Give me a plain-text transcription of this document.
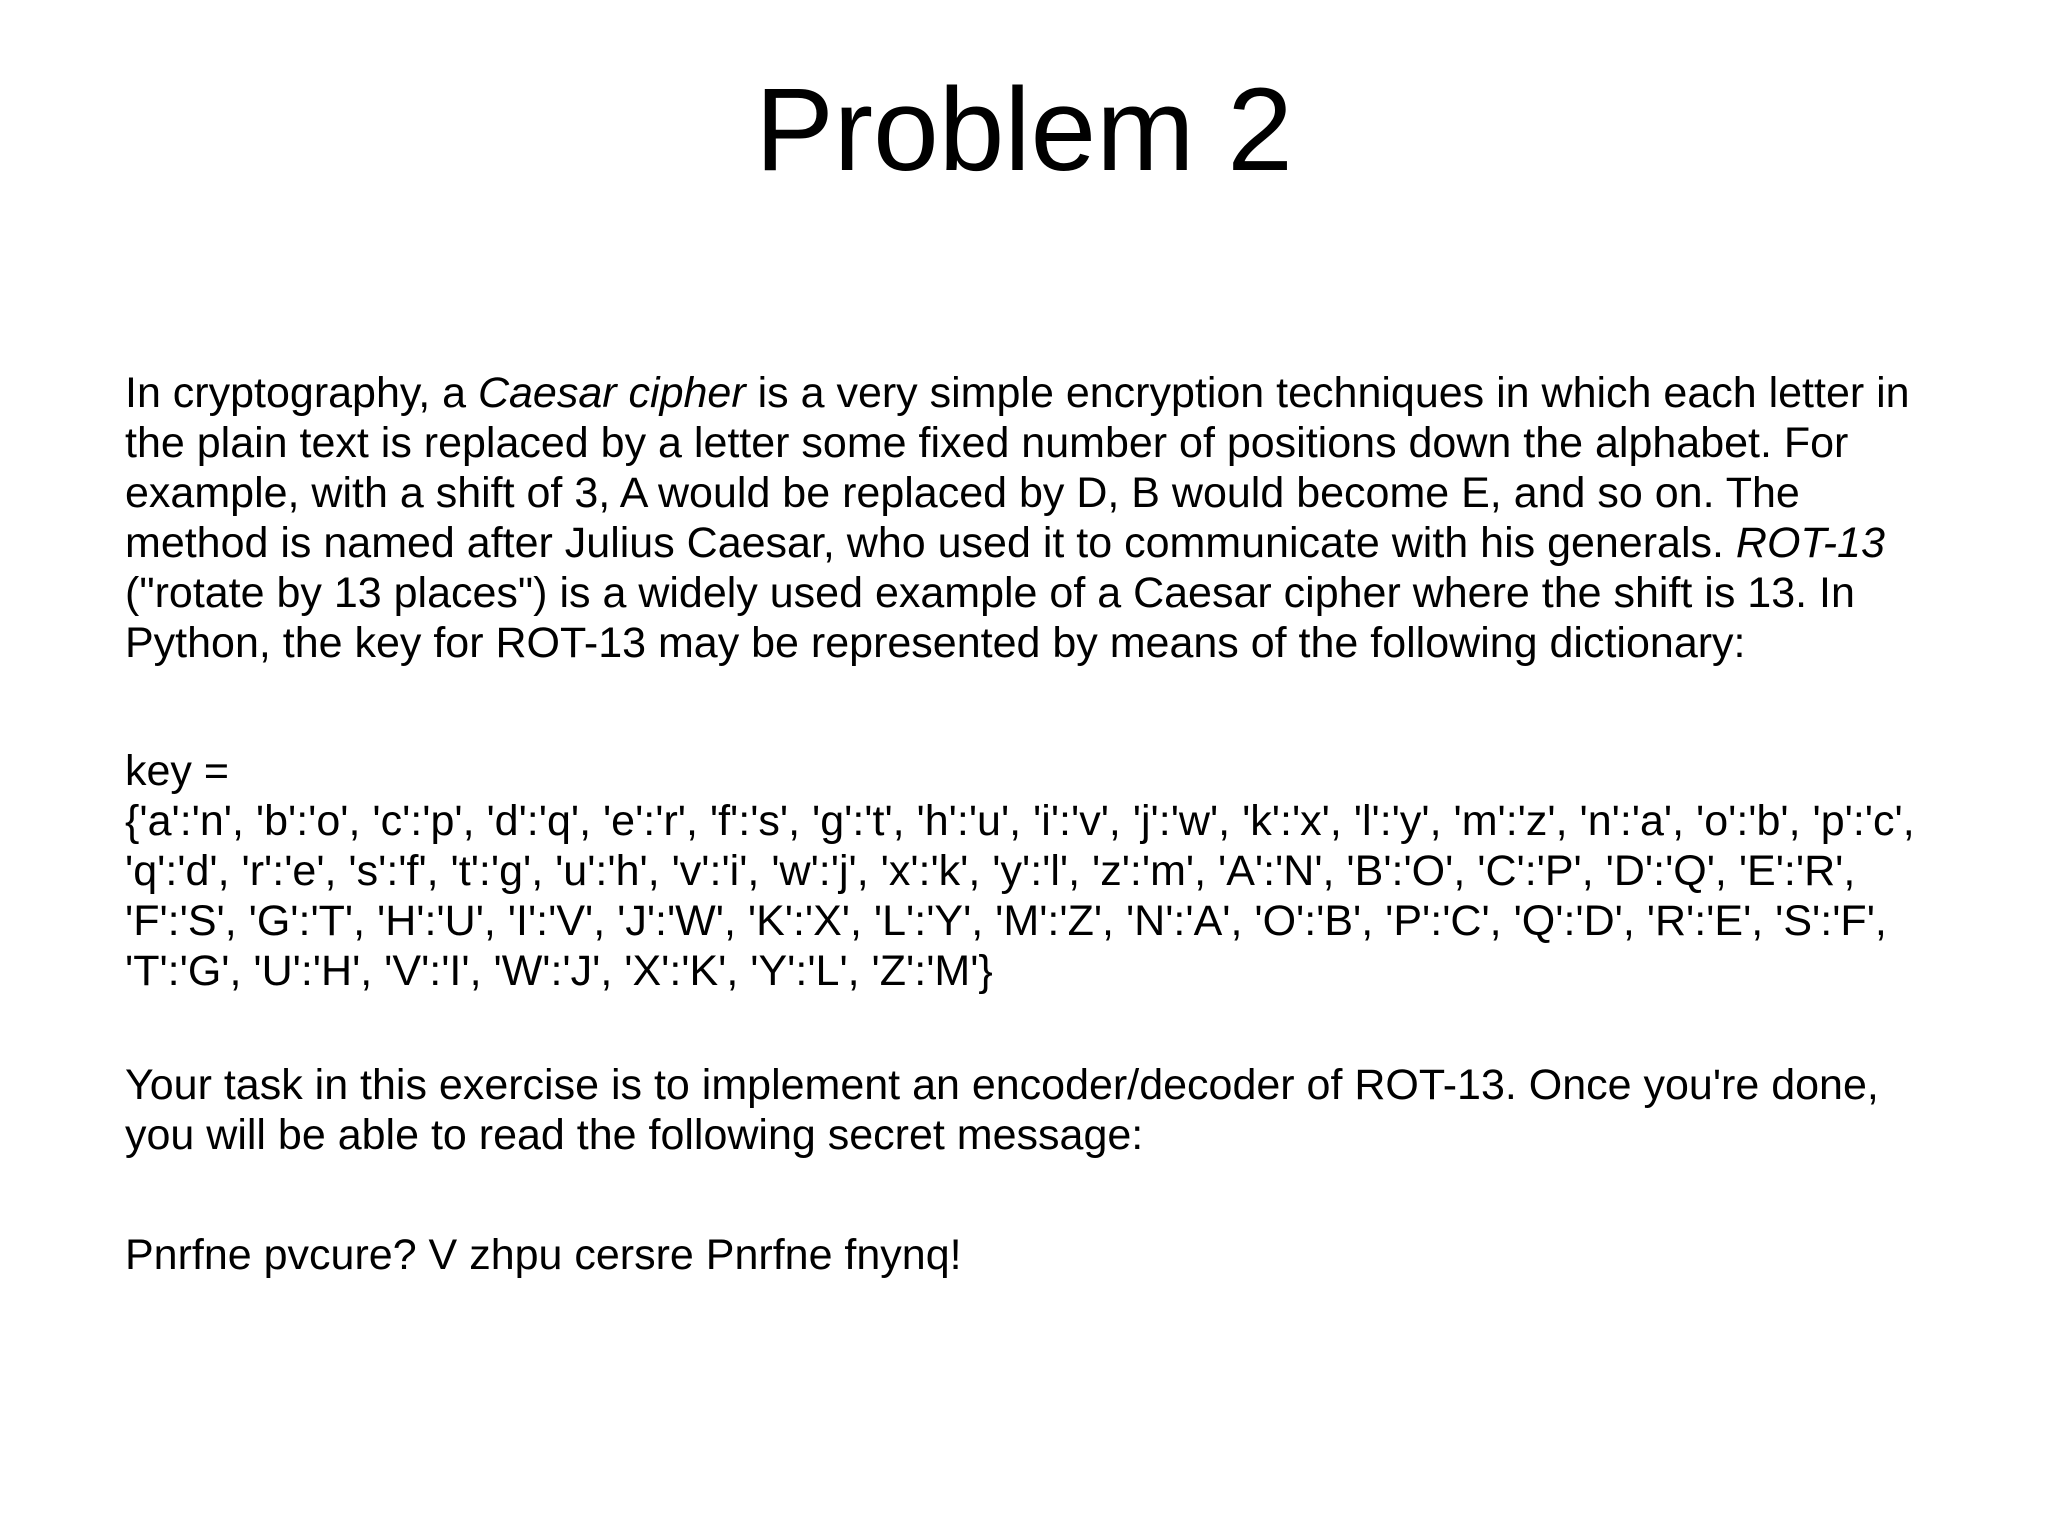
Problem 2

In cryptography, a Caesar cipher is a very simple encryption techniques in which each letter in the plain text is replaced by a letter some fixed number of positions down the alphabet. For example, with a shift of 3, A would be replaced by D, B would become E, and so on. The method is named after Julius Caesar, who used it to communicate with his generals. ROT-13 ("rotate by 13 places") is a widely used example of a Caesar cipher where the shift is 13. In Python, the key for ROT-13 may be represented by means of the following dictionary:

key =

{'a':'n', 'b':'o', 'c':'p', 'd':'q', 'e':'r', 'f':'s', 'g':'t', 'h':'u', 'i':'v', 'j':'w', 'k':'x', 'l':'y', 'm':'z', 'n':'a', 'o':'b', 'p':'c', 'q':'d', 'r':'e', 's':'f', 't':'g', 'u':'h', 'v':'i', 'w':'j', 'x':'k', 'y':'l', 'z':'m', 'A':'N', 'B':'O', 'C':'P', 'D':'Q', 'E':'R', 'F':'S', 'G':'T', 'H':'U', 'I':'V', 'J':'W', 'K':'X', 'L':'Y', 'M':'Z', 'N':'A', 'O':'B', 'P':'C', 'Q':'D', 'R':'E', 'S':'F', 'T':'G', 'U':'H', 'V':'I', 'W':'J', 'X':'K', 'Y':'L', 'Z':'M'}

Your task in this exercise is to implement an encoder/decoder of ROT-13. Once you're done, you will be able to read the following secret message:

Pnrfne pvcure? V zhpu cersre Pnrfne fnynq!
